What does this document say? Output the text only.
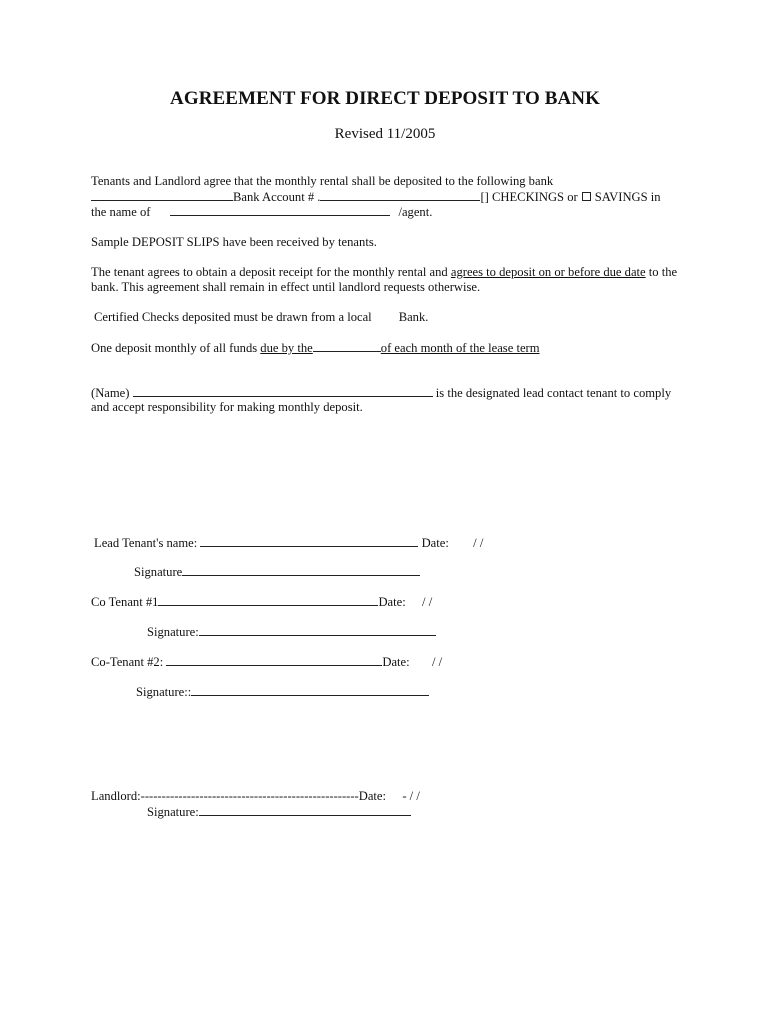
AGREEMENT FOR DIRECT DEPOSIT TO BANK
Revised 11/2005
Tenants and Landlord agree that the monthly rental shall be deposited to the following bank
Bank Account # .	[] CHECKINGS or SAVINGS in
the name of	/agent.
Sample DEPOSIT SLIPS have been received by tenants.
The tenant agrees to obtain a deposit receipt for the monthly rental and agrees to deposit on or before due date to the
bank. This agreement shall remain in effect until landlord requests otherwise.
Certified Checks deposited must be drawn from a local Bank.
One deposit monthly of all funds due by the	of each month of the lease term
(Name)	is the designated lead contact tenant to comply
and accept responsibility for making monthly deposit.
Lead Tenant's name:	Date: / /
Signature
Co Tenant #1	Date: / /
Signature:
Co-Tenant #2:	Date: / /
Signature::
Landlord:----------------------------------------------------Date: - / /
Signature:
